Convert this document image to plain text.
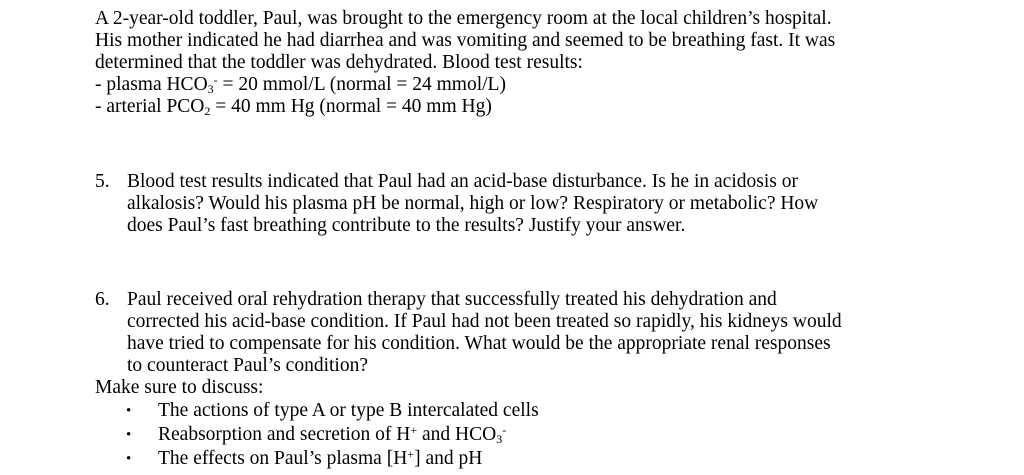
A 2-year-old toddler, Paul, was brought to the emergency room at the local children’s hospital.
His mother indicated he had diarrhea and was vomiting and seemed to be breathing fast. It was
determined that the toddler was dehydrated. Blood test results:
- plasma $HCO_3^- = 20$ mmol/L (normal = 24 mmol/L)
- arterial $PCO_2 = 40$ mm Hg (normal = 40 mm Hg)
5. Blood test results indicated that Paul had an acid-base disturbance. Is he in acidosis or
alkalosis? Would his plasma pH be normal, high or low? Respiratory or metabolic? How
does Paul’s fast breathing contribute to the results? Justify your answer.
6. Paul received oral rehydration therapy that successfully treated his dehydration and
corrected his acid-base condition. If Paul had not been treated so rapidly, his kidneys would
have tried to compensate for his condition. What would be the appropriate renal responses
to counteract Paul’s condition?
Make sure to discuss:
• The actions of type A or type B intercalated cells
• Reabsorption and secretion of H+ and $HCO_3^-$
• The effects on Paul’s plasma [H+] and pH
